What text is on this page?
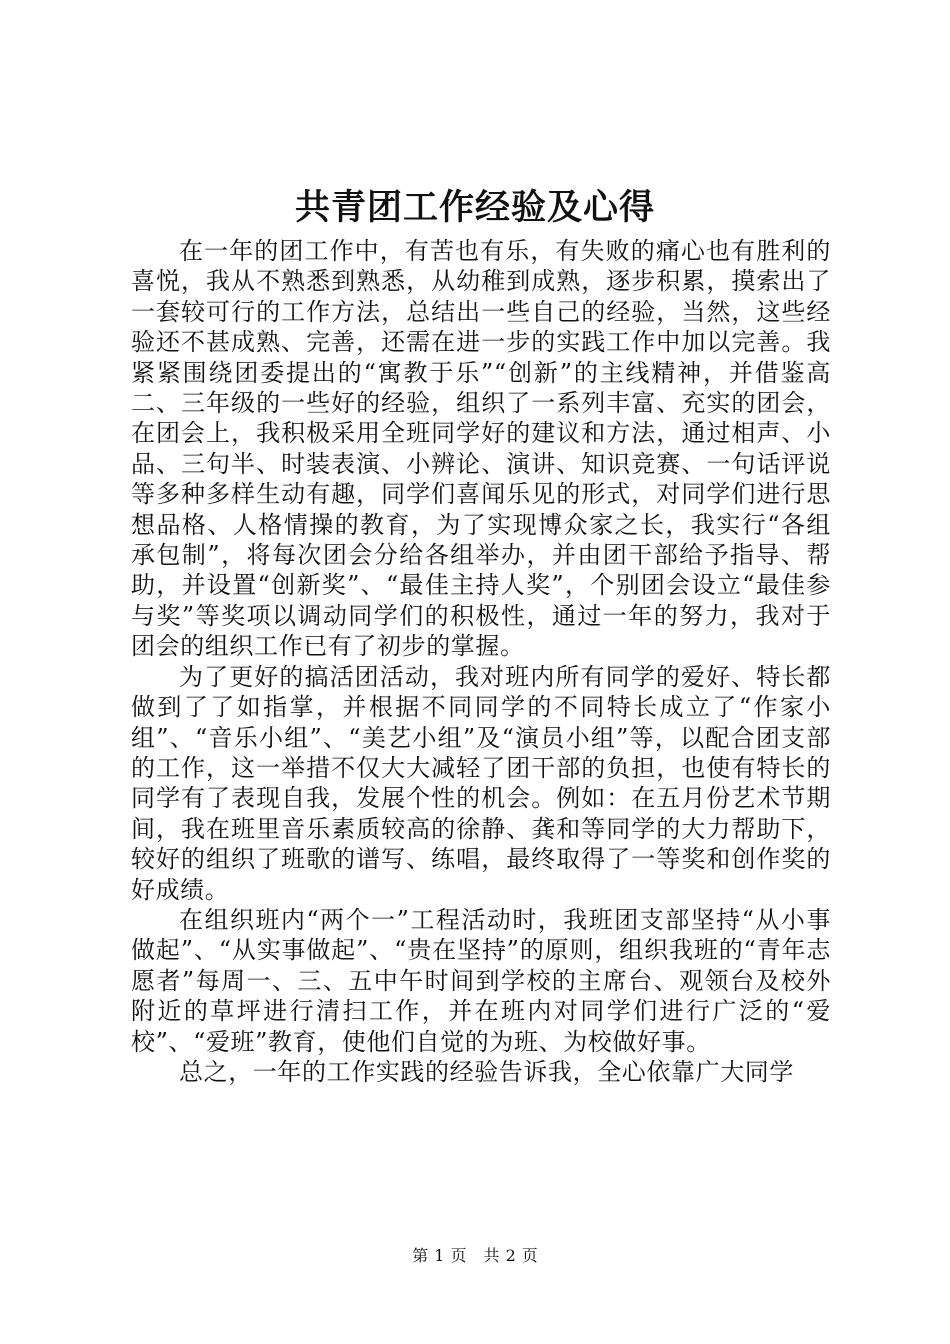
共青团工作经验及心得

在一年的团工作中，有苦也有乐，有失败的痛心也有胜利的喜悦，我从不熟悉到熟悉，从幼稚到成熟，逐步积累，摸索出了一套较可行的工作方法，总结出一些自己的经验，当然，这些经验还不甚成熟、完善，还需在进一步的实践工作中加以完善。我紧紧围绕团委提出的“寓教于乐”“创新”的主线精神，并借鉴高二、三年级的一些好的经验，组织了一系列丰富、充实的团会，在团会上，我积极采用全班同学好的建议和方法，通过相声、小品、三句半、时装表演、小辨论、演讲、知识竞赛、一句话评说等多种多样生动有趣，同学们喜闻乐见的形式，对同学们进行思想品格、人格情操的教育，为了实现博众家之长，我实行“各组承包制”，将每次团会分给各组举办，并由团干部给予指导、帮助，并设置“创新奖”、“最佳主持人奖”，个别团会设立“最佳参与奖”等奖项以调动同学们的积极性，通过一年的努力，我对于团会的组织工作已有了初步的掌握。

为了更好的搞活团活动，我对班内所有同学的爱好、特长都做到了了如指掌，并根据不同同学的不同特长成立了“作家小组”、“音乐小组”、“美艺小组”及“演员小组”等，以配合团支部的工作，这一举措不仅大大减轻了团干部的负担，也使有特长的同学有了表现自我，发展个性的机会。例如：在五月份艺术节期间，我在班里音乐素质较高的徐静、龚和等同学的大力帮助下，较好的组织了班歌的谱写、练唱，最终取得了一等奖和创作奖的好成绩。

在组织班内“两个一”工程活动时，我班团支部坚持“从小事做起”、“从实事做起”、“贵在坚持”的原则，组织我班的“青年志愿者”每周一、三、五中午时间到学校的主席台、观领台及校外附近的草坪进行清扫工作，并在班内对同学们进行广泛的“爱校”、“爱班”教育，使他们自觉的为班、为校做好事。

总之，一年的工作实践的经验告诉我，全心依靠广大同学

第 1 页 共 2 页
